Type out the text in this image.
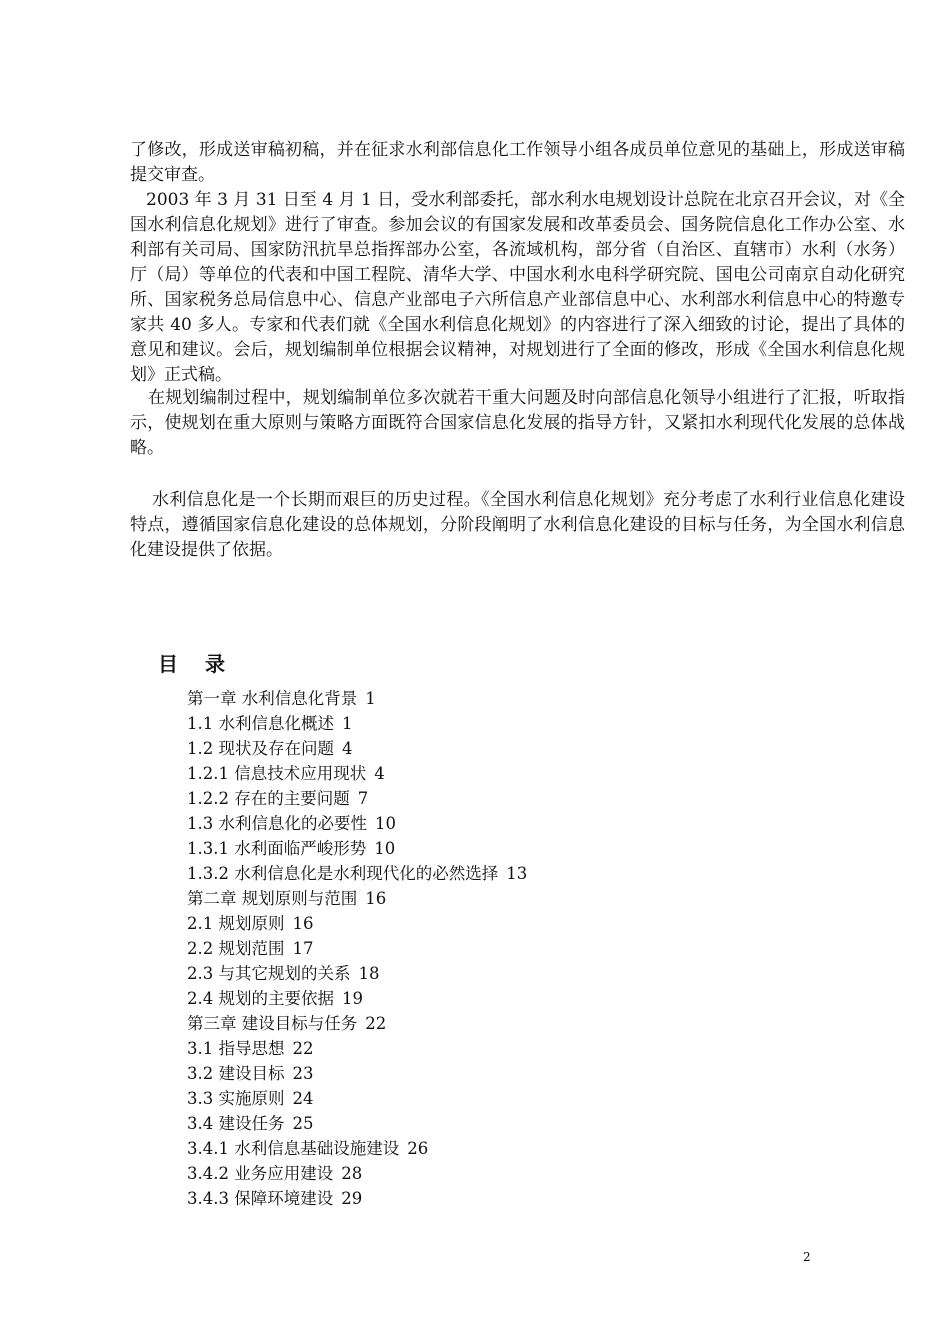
了修改，形成送审稿初稿，并在征求水利部信息化工作领导小组各成员单位意见的基础上，形成送审稿提交审查。

2003 年 3 月 31 日至 4 月 1 日，受水利部委托，部水利水电规划设计总院在北京召开会议，对《全国水利信息化规划》进行了审查。参加会议的有国家发展和改革委员会、国务院信息化工作办公室、水利部有关司局、国家防汛抗旱总指挥部办公室，各流域机构，部分省（自治区、直辖市）水利（水务）厅（局）等单位的代表和中国工程院、清华大学、中国水利水电科学研究院、国电公司南京自动化研究所、国家税务总局信息中心、信息产业部电子六所信息产业部信息中心、水利部水利信息中心的特邀专家共 40 多人。专家和代表们就《全国水利信息化规划》的内容进行了深入细致的讨论，提出了具体的意见和建议。会后，规划编制单位根据会议精神，对规划进行了全面的修改，形成《全国水利信息化规划》正式稿。

在规划编制过程中，规划编制单位多次就若干重大问题及时向部信息化领导小组进行了汇报，听取指示，使规划在重大原则与策略方面既符合国家信息化发展的指导方针，又紧扣水利现代化发展的总体战略。

水利信息化是一个长期而艰巨的历史过程。《全国水利信息化规划》充分考虑了水利行业信息化建设特点，遵循国家信息化建设的总体规划，分阶段阐明了水利信息化建设的目标与任务，为全国水利信息化建设提供了依据。

目 录
第一章 水利信息化背景 1
1.1 水利信息化概述 1
1.2 现状及存在问题 4
1.2.1 信息技术应用现状 4
1.2.2 存在的主要问题 7
1.3 水利信息化的必要性 10
1.3.1 水利面临严峻形势 10
1.3.2 水利信息化是水利现代化的必然选择 13
第二章 规划原则与范围 16
2.1 规划原则 16
2.2 规划范围 17
2.3 与其它规划的关系 18
2.4 规划的主要依据 19
第三章 建设目标与任务 22
3.1 指导思想 22
3.2 建设目标 23
3.3 实施原则 24
3.4 建设任务 25
3.4.1 水利信息基础设施建设 26
3.4.2 业务应用建设 28
3.4.3 保障环境建设 29
2
